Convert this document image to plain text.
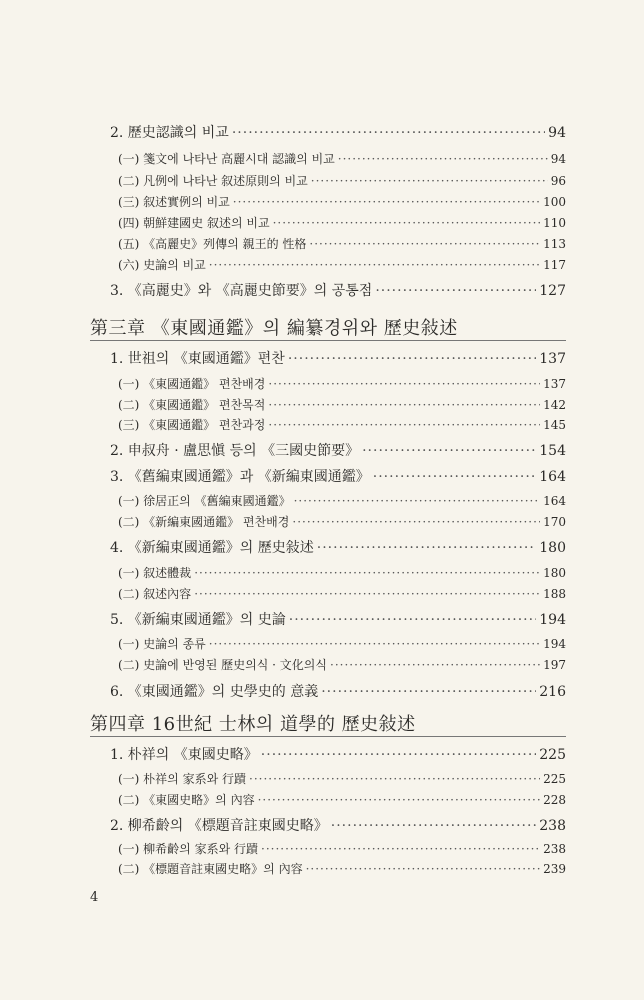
2. 歷史認識의 비교 ·····	94
(一) 箋文에 나타난 高麗시대 認識의 비교 ·····	94
(二) 凡例에 나타난 叙述原則의 비교 ·····	96
(三) 叙述實例의 비교 ·····	100
(四) 朝鮮建國史 叙述의 비교 ·····	110
(五) 《高麗史》列傳의 親王的 性格 ·····	113
(六) 史論의 비교 ·····	117
3. 《高麗史》와 《高麗史節要》의 공통점 ·····	127
第三章 《東國通鑑》의 編纂경위와 歷史敍述
1. 世祖의 《東國通鑑》편찬 ·····	137
(一) 《東國通鑑》 편찬배경 ·····	137
(二) 《東國通鑑》 편찬목적 ·····	142
(三) 《東國通鑑》 편찬과정 ·····	145
2. 申叔舟 · 盧思愼 등의 《三國史節要》 ·····	154
3. 《舊編東國通鑑》과 《新編東國通鑑》 ·····	164
(一) 徐居正의 《舊編東國通鑑》 ·····	164
(二) 《新編東國通鑑》 편찬배경 ·····	170
4. 《新編東國通鑑》의 歷史敍述 ·····	180
(一) 叙述體裁 ·····	180
(二) 叙述內容 ·····	188
5. 《新編東國通鑑》의 史論 ·····	194
(一) 史論의 종류 ·····	194
(二) 史論에 반영된 歷史의식 · 文化의식 ·····	197
6. 《東國通鑑》의 史學史的 意義 ·····	216
第四章 16世紀 士林의 道學的 歷史敍述
1. 朴祥의 《東國史略》 ·····	225
(一) 朴祥의 家系와 行蹟 ·····	225
(二) 《東國史略》의 內容 ·····	228
2. 柳希齡의 《標題音註東國史略》 ·····	238
(一) 柳希齡의 家系와 行蹟 ·····	238
(二) 《標題音註東國史略》의 內容 ·····	239
4
